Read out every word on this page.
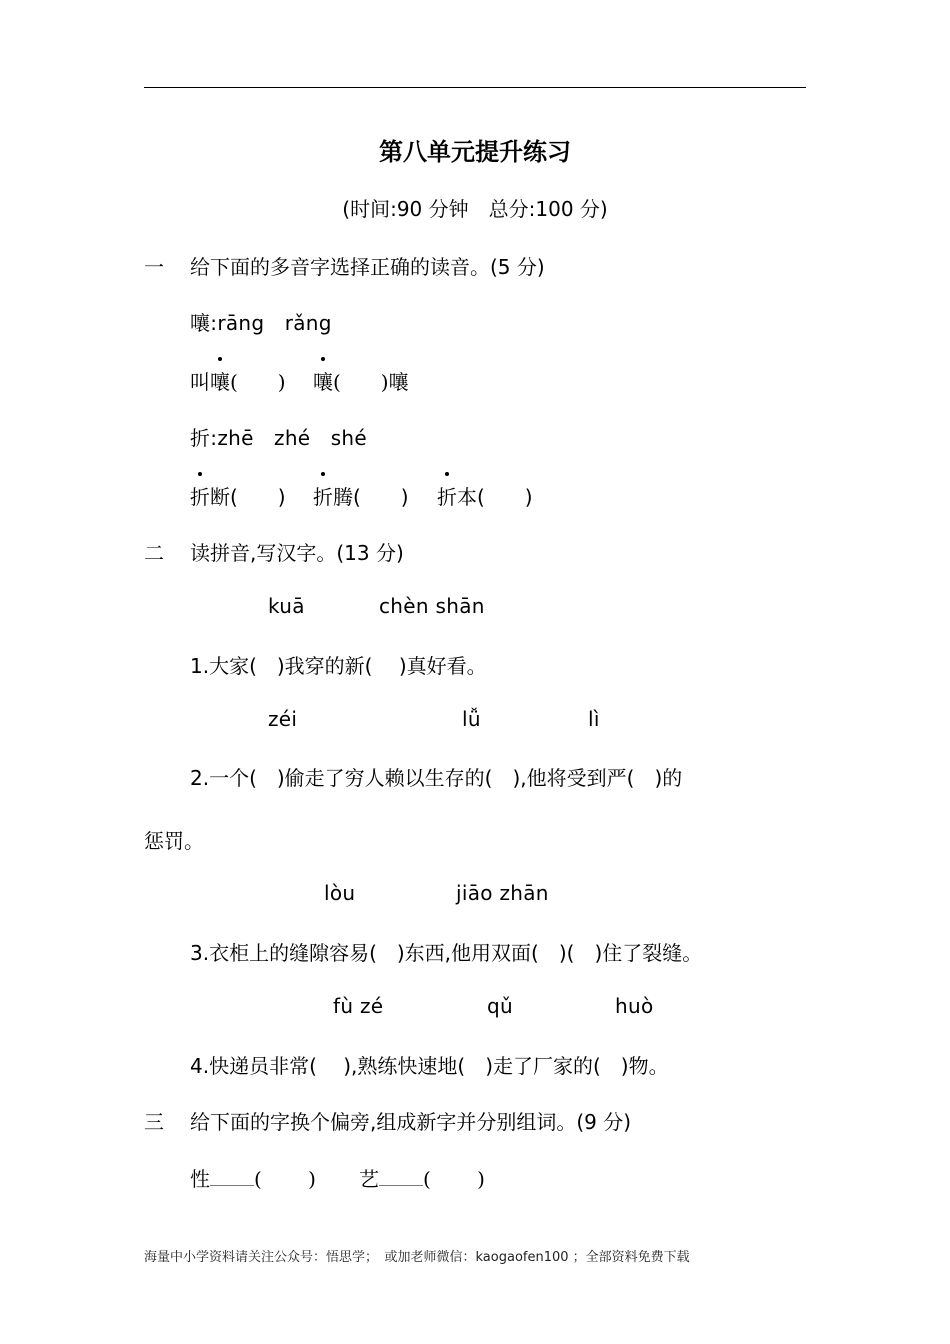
第八单元提升练习
(时间:90 分钟　总分:100 分)
一 给下面的多音字选择正确的读音。(5 分)
嚷:rāng　rǎng
叫嚷(　　) 嚷(　　)嚷
折:zhē　zhé　shé
折断(　　) 折腾(　　) 折本(　　)
二 读拼音,写汉字。(13 分)
kuā	chèn shān
1.大家(　)我穿的新(　 )真好看。
zéi	lǚ	lì
2.一个(　)偷走了穷人赖以生存的(　),他将受到严(　)的
惩罚。
lòu	jiāo zhān
3.衣柜上的缝隙容易(　)东西,他用双面(　)(　)住了裂缝。
fù zé	qǔ	huò
4.快递员非常(　 ),熟练快速地(　)走了厂家的(　)物。
三 给下面的字换个偏旁,组成新字并分别组词。(9 分)
性 (　　 ) 艺 (　　 )
海量中小学资料请关注公众号：悟思学；　或加老师微信：kaogaofen100 ；全部资料免费下载
